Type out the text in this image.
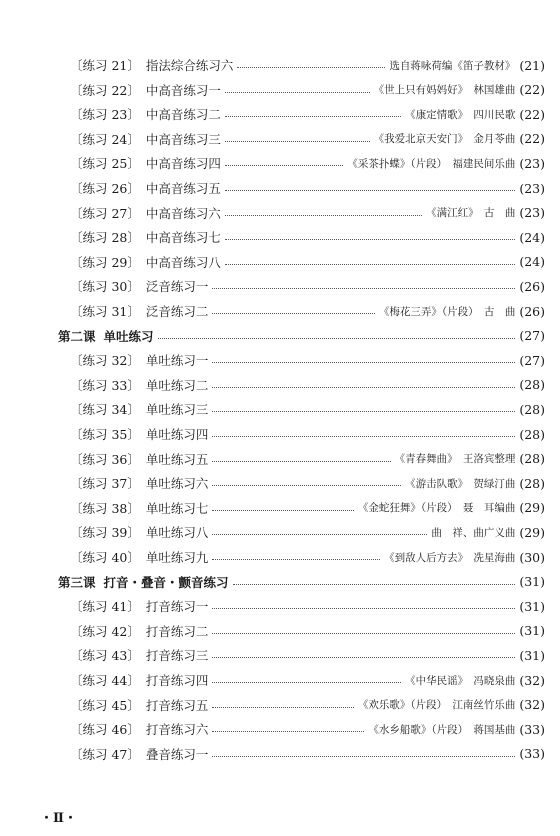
〔练习 21〕 指法综合练习六	选自蒋咏荷编《笛子教材》 (21)
〔练习 22〕 中高音练习一	《世上只有妈妈好》　林国雄曲 (22)
〔练习 23〕 中高音练习二	《康定情歌》　四川民歌 (22)
〔练习 24〕 中高音练习三	《我爱北京天安门》　金月苓曲 (22)
〔练习 25〕 中高音练习四	《采茶扑蝶》（片段）　福建民间乐曲 (23)
〔练习 26〕 中高音练习五	(23)
〔练习 27〕 中高音练习六	《满江红》　古　曲 (23)
〔练习 28〕 中高音练习七	(24)
〔练习 29〕 中高音练习八	(24)
〔练习 30〕 泛音练习一	(26)
〔练习 31〕 泛音练习二	《梅花三弄》（片段）　古　曲 (26)
第二课 单吐练习	(27)
〔练习 32〕 单吐练习一	(27)
〔练习 33〕 单吐练习二	(28)
〔练习 34〕 单吐练习三	(28)
〔练习 35〕 单吐练习四	(28)
〔练习 36〕 单吐练习五	《青春舞曲》　王洛宾整理 (28)
〔练习 37〕 单吐练习六	《游击队歌》　贺绿汀曲 (28)
〔练习 38〕 单吐练习七	《金蛇狂舞》（片段）　聂　耳编曲 (29)
〔练习 39〕 单吐练习八	曲　祥、曲广义曲 (29)
〔练习 40〕 单吐练习九	《到敌人后方去》　冼星海曲 (30)
第三课 打音・叠音・颤音练习	(31)
〔练习 41〕 打音练习一	(31)
〔练习 42〕 打音练习二	(31)
〔练习 43〕 打音练习三	(31)
〔练习 44〕 打音练习四	《中华民谣》　冯晓泉曲 (32)
〔练习 45〕 打音练习五	《欢乐歌》（片段）　江南丝竹乐曲 (32)
〔练习 46〕 打音练习六	《水乡船歌》（片段）　蒋国基曲 (33)
〔练习 47〕 叠音练习一	(33)
・Ⅱ・
